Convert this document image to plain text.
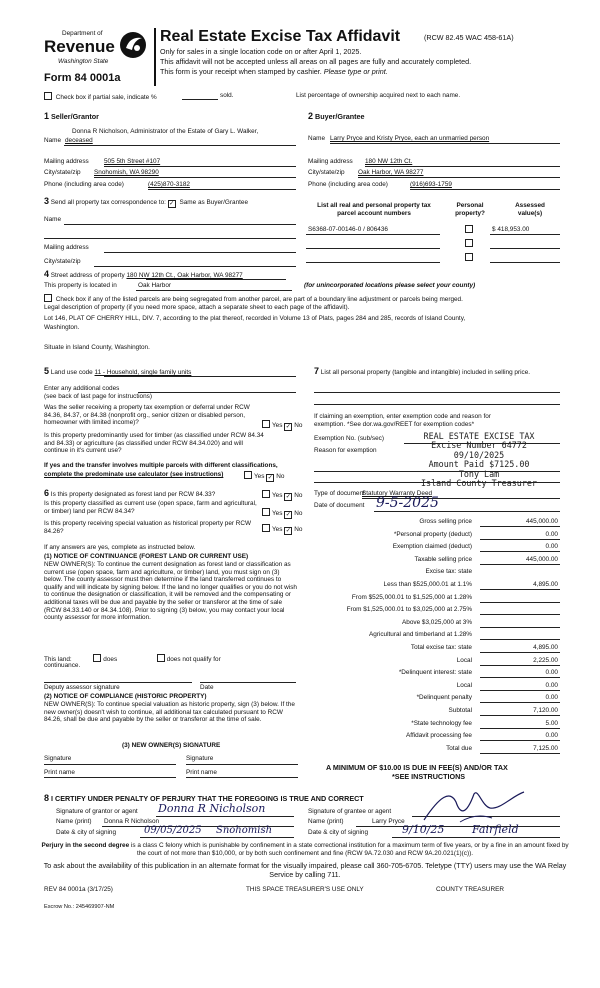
Department of
Revenue
Washington State
Form 84 0001a
Real Estate Excise Tax Affidavit	(RCW 82.45 WAC 458-61A)
Only for sales in a single location code on or after April 1, 2025.
This affidavit will not be accepted unless all areas on all pages are fully and accurately completed.
This form is your receipt when stamped by cashier. Please type or print.
Check box if partial sale, indicate %	sold.	List percentage of ownership acquired next to each name.
1 Seller/Grantor
Donna R Nicholson, Administrator of the Estate of Gary L. Walker,
Name deceased
Mailing address 505 5th Street #107
City/state/zip Snohomish, WA 98290
Phone (including area code)	(425)870-3182
2 Buyer/Grantee
Name Larry Pryce and Kristy Pryce, each an unmarried person
Mailing address 180 NW 12th Ct.
City/state/zip Oak Harbor, WA 98277
Phone (including area code)	(916)693-1759
3 Send all property tax correspondence to: ✓ Same as Buyer/Grantee
Name
Mailing address
City/state/zip
List all real and personal property tax parcel account numbers
Personal property?
Assessed value(s)
S6368-07-00146-0 / 806436	$ 418,953.00
4 Street address of property 180 NW 12th Ct., Oak Harbor, WA 98277
This property is located in	Oak Harbor	(for unincorporated locations please select your county)
Check box if any of the listed parcels are being segregated from another parcel, are part of a boundary line adjustment or parcels being merged.
Legal description of property (if you need more space, attach a separate sheet to each page of the affidavit).
Lot 146, PLAT OF CHERRY HILL, DIV. 7, according to the plat thereof, recorded in Volume 13 of Plats, pages 284 and 285, records of Island County,
Washington.
Situate in Island County, Washington.
5 Land use code 11 - Household, single family units
Enter any additional codes
(see back of last page for instructions)
Was the seller receiving a property tax exemption or deferral under RCW 84.36, 84.37, or 84.38 (nonprofit org., senior citizen or disabled person, homeowner with limited income)?	Yes ✓ No
Is this property predominantly used for timber (as classified under RCW 84.34 and 84.33) or agriculture (as classified under RCW 84.34.020) and will continue in it's current use?
If yes and the transfer involves multiple parcels with different classifications,
complete the predominate use calculator (see instructions)	Yes ✓ No
6 Is this property designated as forest land per RCW 84.33?	Yes ✓ No
Is this property classified as current use (open space, farm and agricultural, or timber) land per RCW 84.34?	Yes ✓ No
Is this property receiving special valuation as historical property per RCW 84.26?	Yes ✓ No
If any answers are yes, complete as instructed below.
(1) NOTICE OF CONTINUANCE (FOREST LAND OR CURRENT USE)
NEW OWNER(S): To continue the current designation as forest land or classification as current use (open space, farm and agriculture, or timber) land, you must sign on (3) below. The county assessor must then determine if the land transferred continues to qualify and will indicate by signing below. If the land no longer qualifies or you do not wish to continue the designation or classification, it will be removed and the compensating or additional taxes will be due and payable by the seller or transferor at the time of sale (RCW 84.33.140 or 84.34.108). Prior to signing (3) below, you may contact your local county assessor for more information.
This land:	does	does not qualify for
continuance.
Deputy assessor signature	Date
(2) NOTICE OF COMPLIANCE (HISTORIC PROPERTY)
NEW OWNER(S): To continue special valuation as historic property, sign (3) below. If the new owner(s) doesn't wish to continue, all additional tax calculated pursuant to RCW 84.26, shall be due and payable by the seller or transferor at the time of sale.
(3) NEW OWNER(S) SIGNATURE
Signature	Signature
Print name	Print name
7 List all personal property (tangible and intangible) included in selling price.
If claiming an exemption, enter exemption code and reason for
exemption. *See dor.wa.gov/REET for exemption codes*
Exemption No. (sub/sec)
Reason for exemption
REAL ESTATE EXCISE TAX
Excise Number 64772
09/10/2025
Amount Paid $7125.00
Tony Lam
Island County Treasurer
Type of document
Statutory Warranty Deed
Date of document 9-5-2025
Gross selling price	445,000.00
*Personal property (deduct)	0.00
Exemption claimed (deduct)	0.00
Taxable selling price	445,000.00
Excise tax: state
Less than $525,000.01 at 1.1%	4,895.00
From $525,000.01 to $1,525,000 at 1.28%
From $1,525,000.01 to $3,025,000 at 2.75%
Above $3,025,000 at 3%
Agricultural and timberland at 1.28%
Total excise tax: state	4,895.00
Local	2,225.00
*Delinquent interest: state	0.00
Local	0.00
*Delinquent penalty	0.00
Subtotal	7,120.00
*State technology fee	5.00
Affidavit processing fee	0.00
Total due	7,125.00
A MINIMUM OF $10.00 IS DUE IN FEE(S) AND/OR TAX
*SEE INSTRUCTIONS
8 I CERTIFY UNDER PENALTY OF PERJURY THAT THE FOREGOING IS TRUE AND CORRECT
Signature of grantor or agent Donna R Nicholson
Name (print) Donna R Nicholson
Date & city of signing	09/05/2025 Snohomish
Signature of grantee or agent
Name (print)	Larry Pryce
Date & city of signing	9/10/25	Fairfield
Perjury in the second degree is a class C felony which is punishable by confinement in a state correctional institution for a maximum term of five years, or by a fine in an amount fixed by the court of not more than $10,000, or by both such confinement and fine (RCW 9A.72.030 and RCW 9A.20.021(1)(c)).
To ask about the availability of this publication in an alternate format for the visually impaired, please call 360-705-6705. Teletype (TTY) users may use the WA Relay Service by calling 711.
REV 84 0001a (3/17/25)	THIS SPACE TREASURER'S USE ONLY	COUNTY TREASURER
Escrow No.: 245469907-NM
